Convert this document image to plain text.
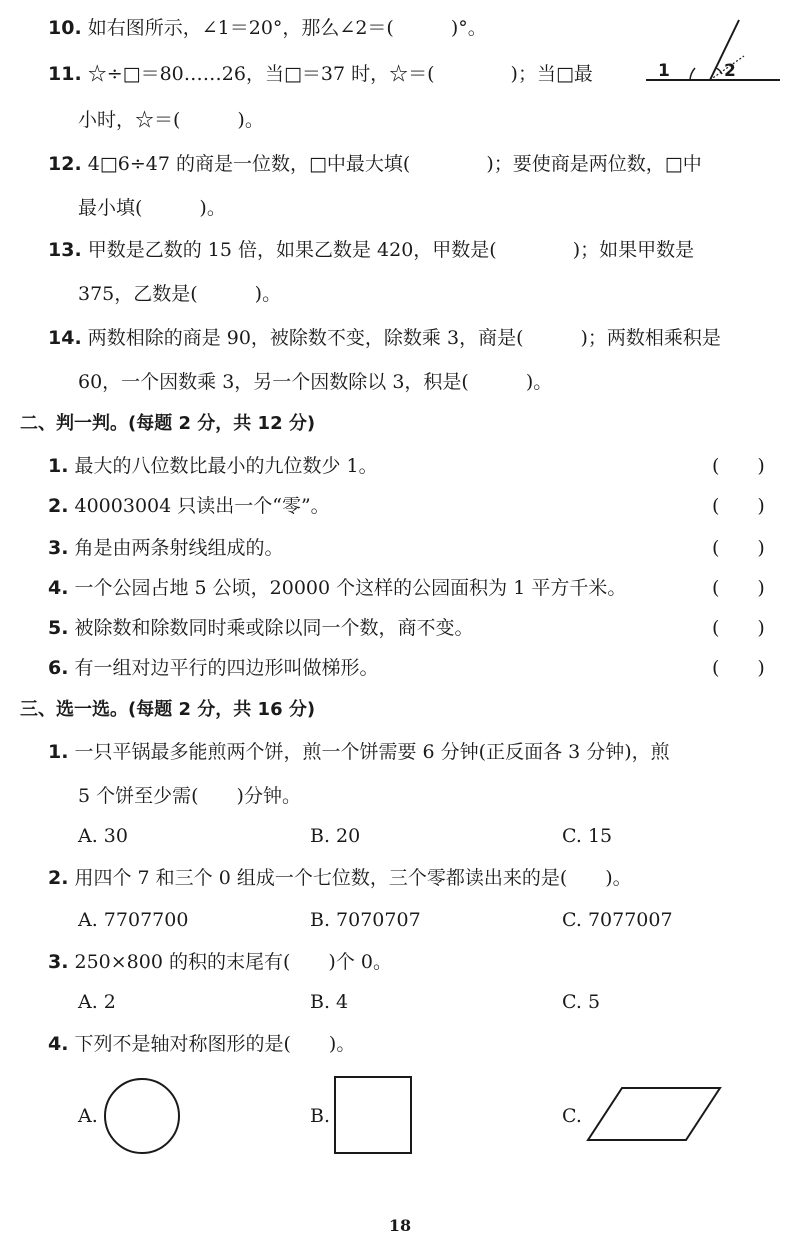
10. 如右图所示，∠1＝20°，那么∠2＝(　　　)°。
1	2
11. ☆÷□＝80……26，当□＝37 时，☆＝(　　　　)；当□最
小时，☆＝(　　　)。
12. 4□6÷47 的商是一位数，□中最大填(　　　　)；要使商是两位数，□中
最小填(　　　)。
13. 甲数是乙数的 15 倍，如果乙数是 420，甲数是(　　　　)；如果甲数是
375，乙数是(　　　)。
14. 两数相除的商是 90，被除数不变，除数乘 3，商是(　　　)；两数相乘积是
60，一个因数乘 3，另一个因数除以 3，积是(　　　)。
二、判一判。(每题 2 分，共 12 分)
1. 最大的八位数比最小的九位数少 1。	(　　)
2. 40003004 只读出一个“零”。	(　　)
3. 角是由两条射线组成的。	(　　)
4. 一个公园占地 5 公顷，20000 个这样的公园面积为 1 平方千米。	(　　)
5. 被除数和除数同时乘或除以同一个数，商不变。	(　　)
6. 有一组对边平行的四边形叫做梯形。	(　　)
三、选一选。(每题 2 分，共 16 分)
1. 一只平锅最多能煎两个饼，煎一个饼需要 6 分钟(正反面各 3 分钟)，煎
5 个饼至少需(　　)分钟。
A. 30	B. 20	C. 15
2. 用四个 7 和三个 0 组成一个七位数，三个零都读出来的是(　　)。
A. 7707700	B. 7070707	C. 7077007
3. 250×800 的积的末尾有(　　)个 0。
A. 2	B. 4	C. 5
4. 下列不是轴对称图形的是(　　)。
A.	B.	C.
18
